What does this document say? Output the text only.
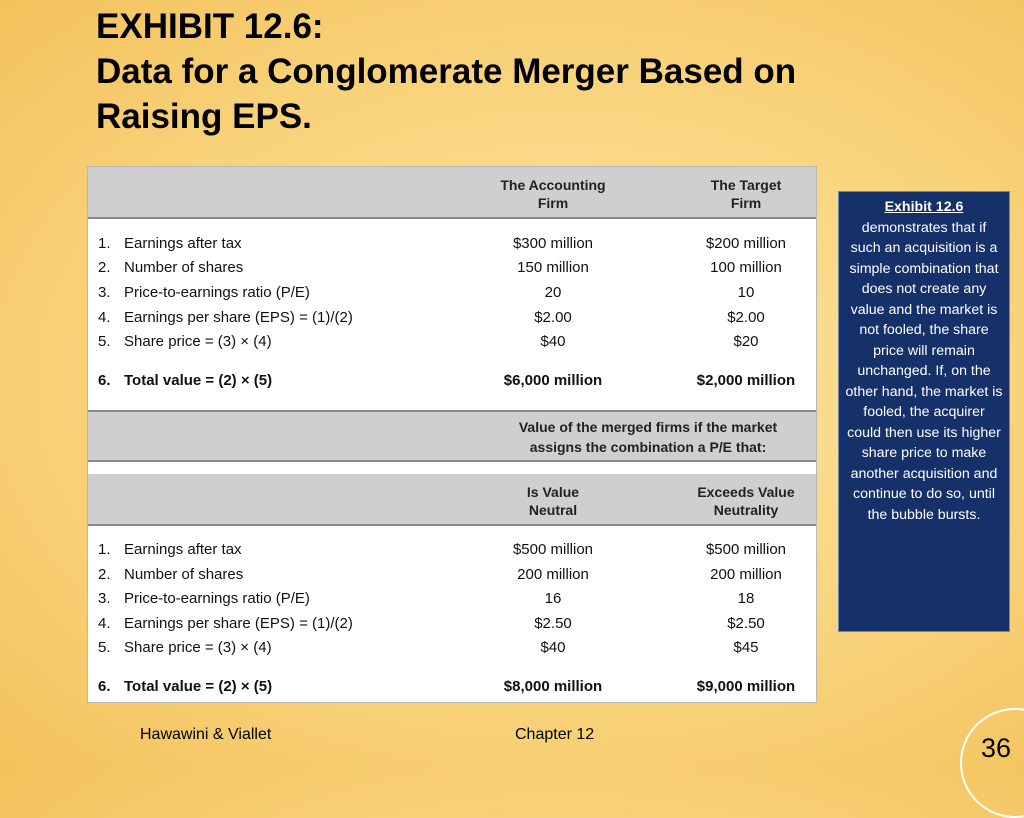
EXHIBIT 12.6:
Data for a Conglomerate Merger Based on
Raising EPS.
The Accounting
Firm
The Target
Firm
1. Earnings after tax	$300 million	$200 million
2. Number of shares	150 million	100 million
3. Price-to-earnings ratio (P/E)	20	10
4. Earnings per share (EPS) = (1)/(2)	$2.00	$2.00
5. Share price = (3) × (4)	$40	$20
6. Total value = (2) × (5)	$6,000 million	$2,000 million
Value of the merged firms if the market
assigns the combination a P/E that:
Is Value
Neutral
Exceeds Value
Neutrality
1. Earnings after tax	$500 million	$500 million
2. Number of shares	200 million	200 million
3. Price-to-earnings ratio (P/E)	16	18
4. Earnings per share (EPS) = (1)/(2)	$2.50	$2.50
5. Share price = (3) × (4)	$40	$45
6. Total value = (2) × (5)	$8,000 million	$9,000 million
Exhibit 12.6 demonstrates that if such an acquisition is a simple combination that does not create any value and the market is not fooled, the share price will remain unchanged. If, on the other hand, the market is fooled, the acquirer could then use its higher share price to make another acquisition and continue to do so, until the bubble bursts.
Hawawini & Viallet	Chapter 12	36
